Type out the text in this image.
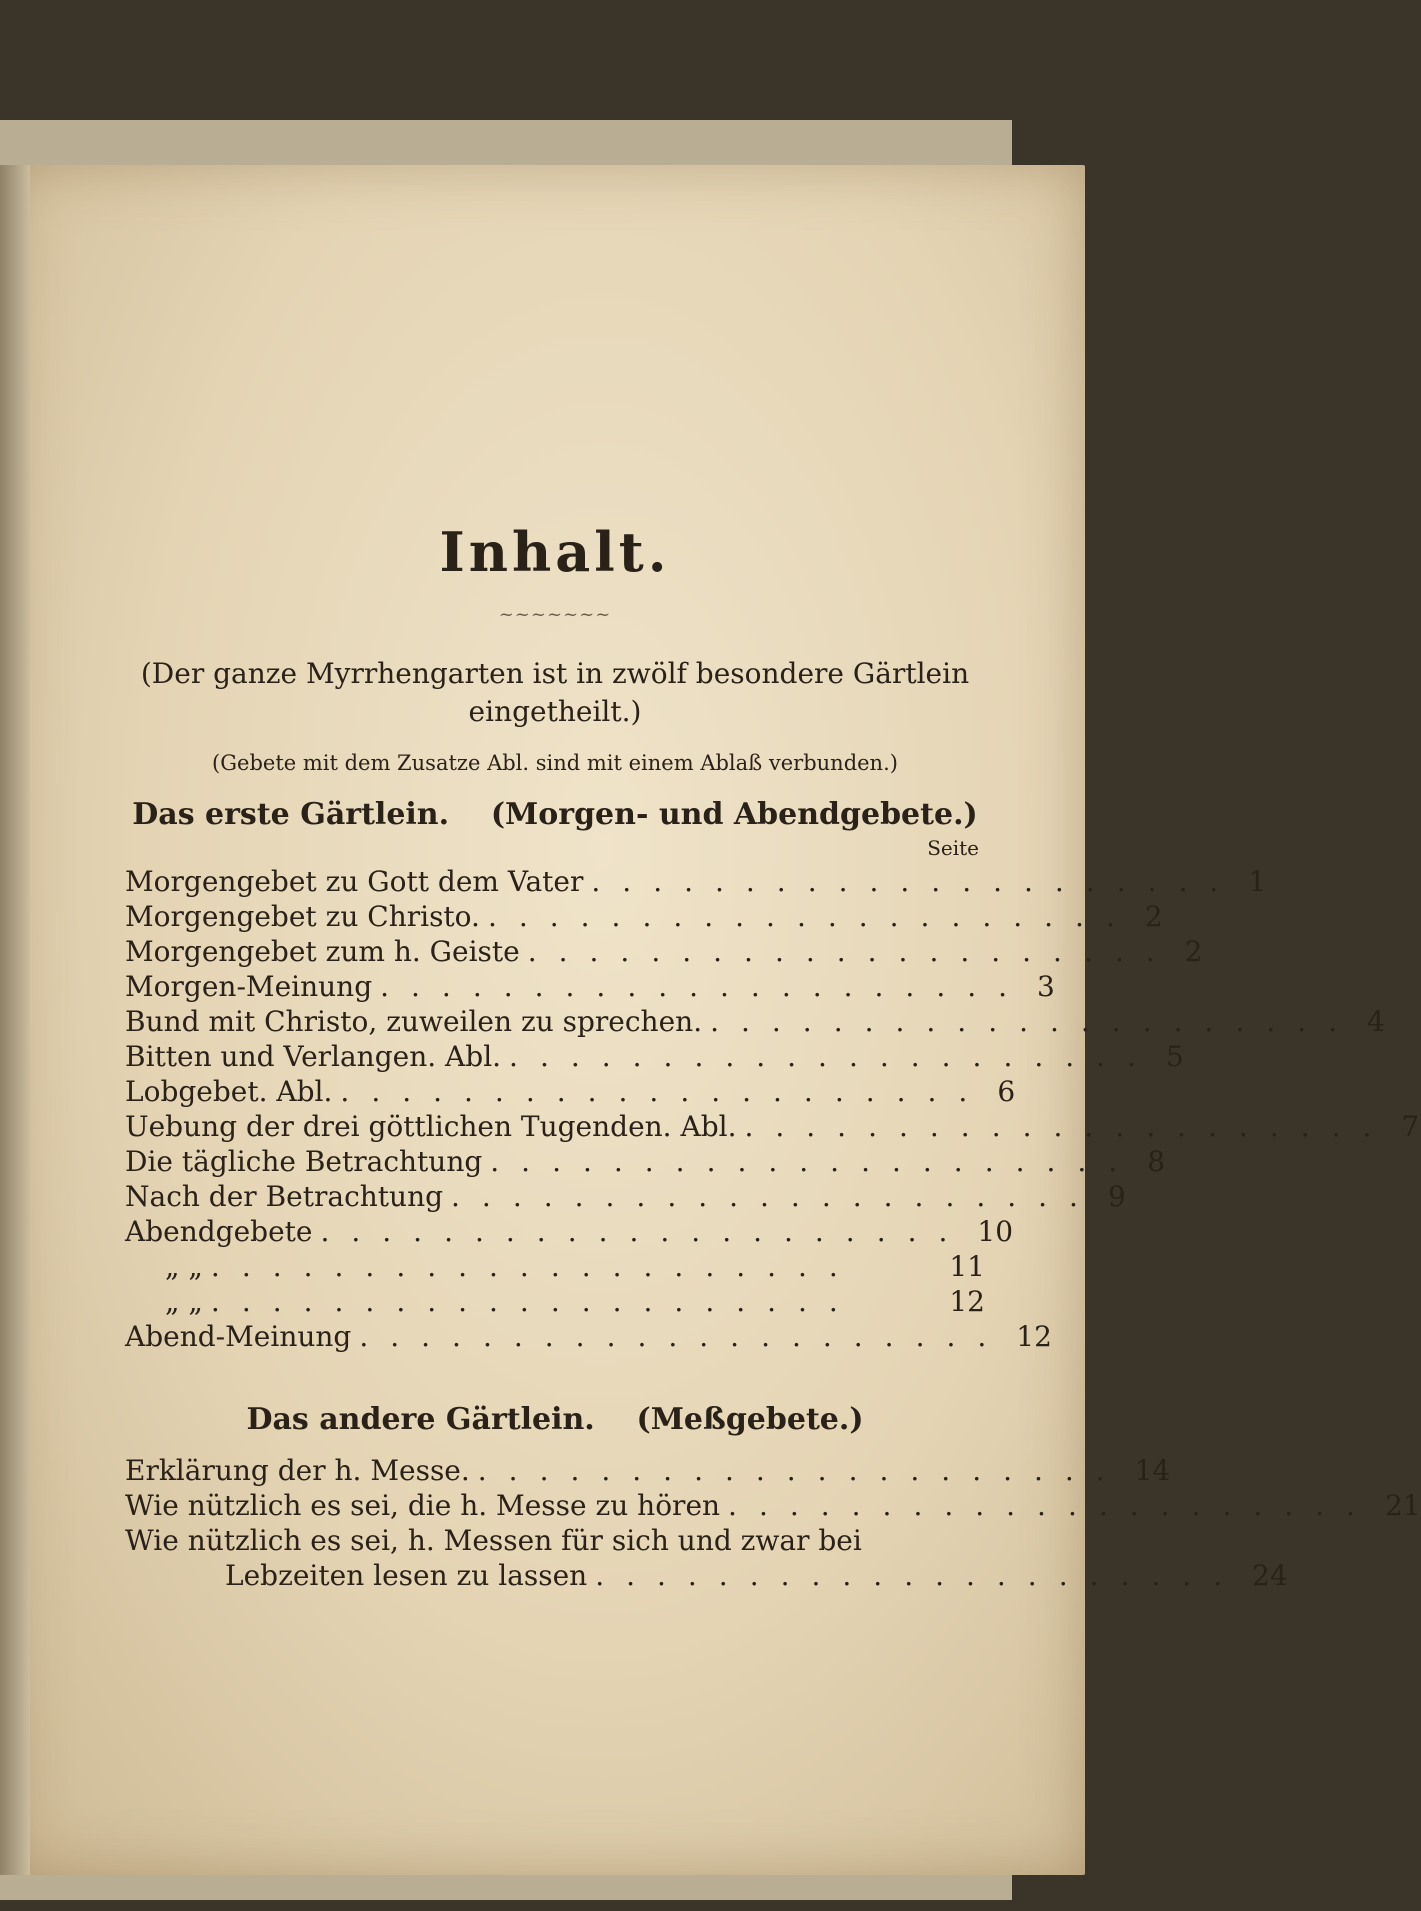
Inhalt.
~~~~~~~

(Der ganze Myrrhengarten ist in zwölf besondere Gärtlein eingetheilt.)

(Gebete mit dem Zusatze Abl. sind mit einem Ablaß verbunden.)

Das erste Gärtlein. (Morgen- und Abendgebete.)
Seite
Morgengebet zu Gott dem Vater ..................... 1
Morgengebet zu Christo. ..................... 2
Morgengebet zum h. Geiste ..................... 2
Morgen-Meinung ..................... 3
Bund mit Christo, zuweilen zu sprechen. ..................... 4
Bitten und Verlangen. Abl. ..................... 5
Lobgebet. Abl. ..................... 6
Uebung der drei göttlichen Tugenden. Abl. ..................... 7
Die tägliche Betrachtung ..................... 8
Nach der Betrachtung ..................... 9
Abendgebete ..................... 10
„ „ .....................	11
„ „ .....................	12
Abend-Meinung ..................... 12
Das andere Gärtlein. (Meßgebete.)
Erklärung der h. Messe. ..................... 14
Wie nützlich es sei, die h. Messe zu hören ..................... 21
Wie nützlich es sei, h. Messen für sich und zwar bei
Lebzeiten lesen zu lassen ..................... 24
